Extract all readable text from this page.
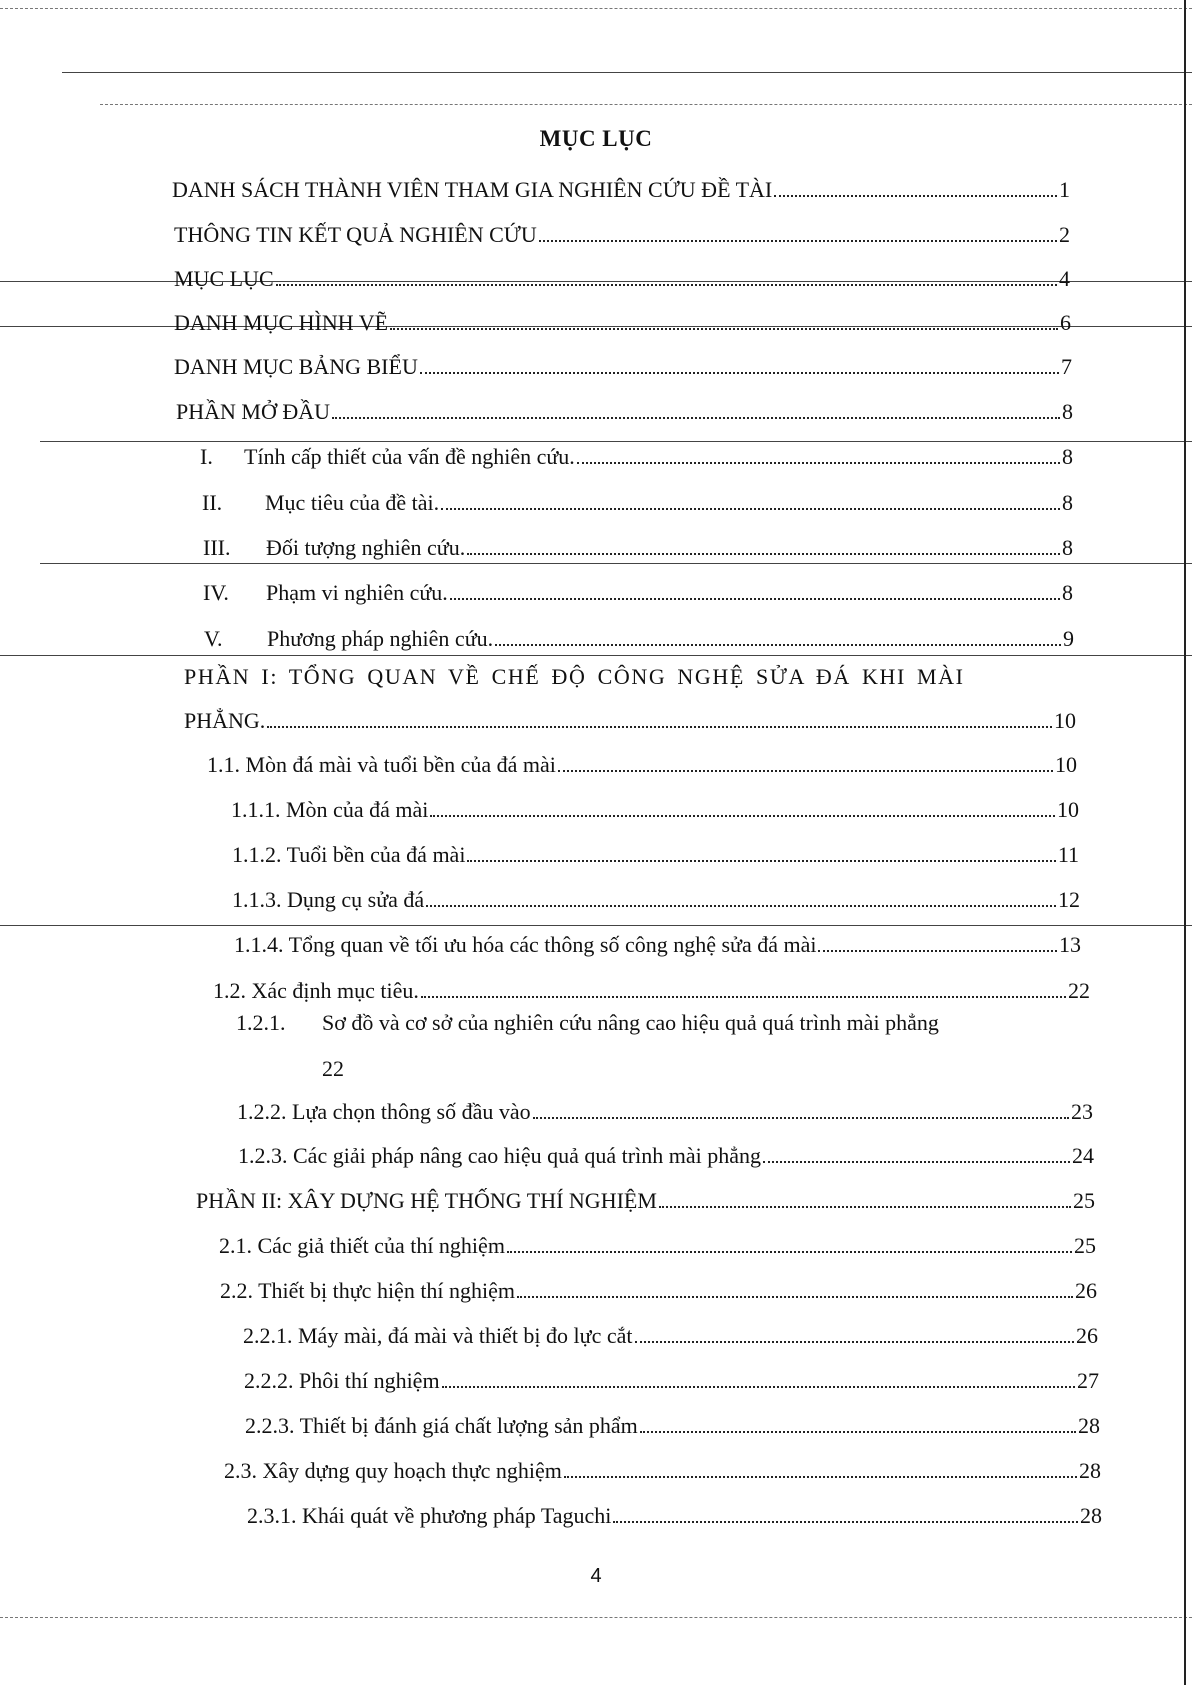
MỤC LỤC
DANH SÁCH THÀNH VIÊN THAM GIA NGHIÊN CỨU ĐỀ TÀI	1
THÔNG TIN KẾT QUẢ NGHIÊN CỨU	2
MỤC LỤC	4
DANH MỤC HÌNH VẼ	6
DANH MỤC BẢNG BIỂU	7
PHẦN MỞ ĐẦU	8
I.	Tính cấp thiết của vấn đề nghiên cứu.	8
II.	Mục tiêu của đề tài.	8
III.	Đối tượng nghiên cứu.	8
IV.	Phạm vi nghiên cứu.	8
V.	Phương pháp nghiên cứu.	9
PHẦN I: TỔNG QUAN VỀ CHẾ ĐỘ CÔNG NGHỆ SỬA ĐÁ KHI MÀI
PHẲNG.	10
1.1. Mòn đá mài và tuổi bền của đá mài	10
1.1.1. Mòn của đá mài	10
1.1.2. Tuổi bền của đá mài	11
1.1.3. Dụng cụ sửa đá	12
1.1.4. Tổng quan về tối ưu hóa các thông số công nghệ sửa đá mài	13
1.2. Xác định mục tiêu.	22
1.2.1. Sơ đồ và cơ sở của nghiên cứu nâng cao hiệu quả quá trình mài phẳng
22
1.2.2. Lựa chọn thông số đầu vào	23
1.2.3. Các giải pháp nâng cao hiệu quả quá trình mài phẳng	24
PHẦN II: XÂY DỰNG HỆ THỐNG THÍ NGHIỆM	25
2.1. Các giả thiết của thí nghiệm	25
2.2. Thiết bị thực hiện thí nghiệm	26
2.2.1. Máy mài, đá mài và thiết bị đo lực cắt	26
2.2.2. Phôi thí nghiệm	27
2.2.3. Thiết bị đánh giá chất lượng sản phẩm	28
2.3. Xây dựng quy hoạch thực nghiệm	28
2.3.1. Khái quát về phương pháp Taguchi	28
4
